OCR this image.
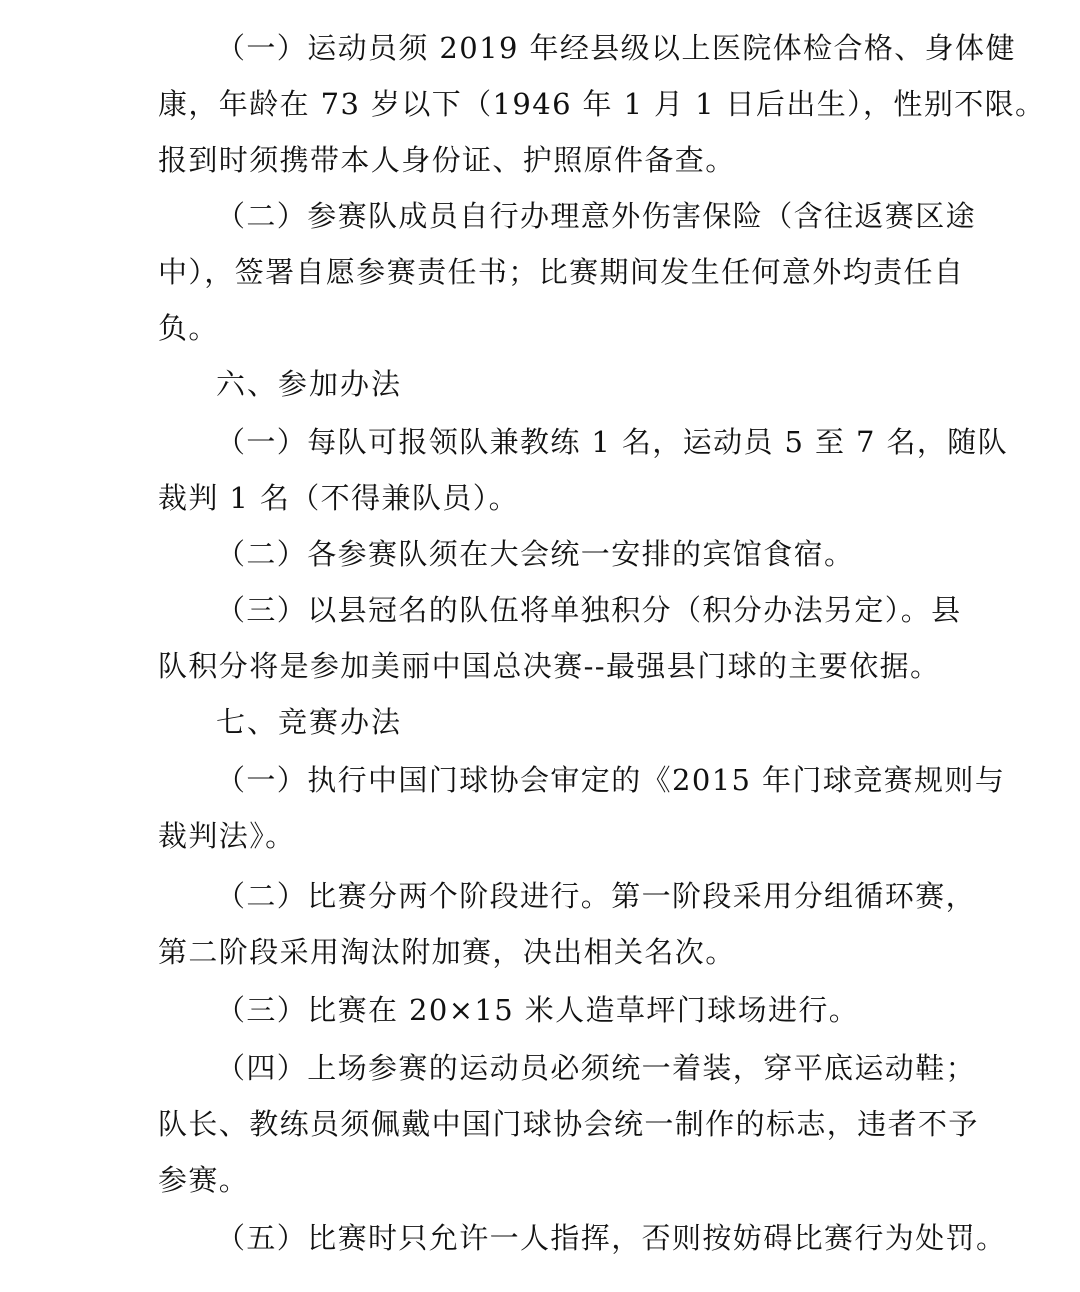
（一）运动员须 2019 年经县级以上医院体检合格、身体健
康，年龄在 73 岁以下（1946 年 1 月 1 日后出生），性别不限。
报到时须携带本人身份证、护照原件备查。
（二）参赛队成员自行办理意外伤害保险（含往返赛区途
中），签署自愿参赛责任书；比赛期间发生任何意外均责任自
负。
六、参加办法
（一）每队可报领队兼教练 1 名，运动员 5 至 7 名，随队
裁判 1 名（不得兼队员）。
（二）各参赛队须在大会统一安排的宾馆食宿。
（三）以县冠名的队伍将单独积分（积分办法另定）。县
队积分将是参加美丽中国总决赛--最强县门球的主要依据。
七、竞赛办法
（一）执行中国门球协会审定的《2015 年门球竞赛规则与
裁判法》。
（二）比赛分两个阶段进行。第一阶段采用分组循环赛，
第二阶段采用淘汰附加赛，决出相关名次。
（三）比赛在 20×15 米人造草坪门球场进行。
（四）上场参赛的运动员必须统一着装，穿平底运动鞋；
队长、教练员须佩戴中国门球协会统一制作的标志，违者不予
参赛。
（五）比赛时只允许一人指挥，否则按妨碍比赛行为处罚。
